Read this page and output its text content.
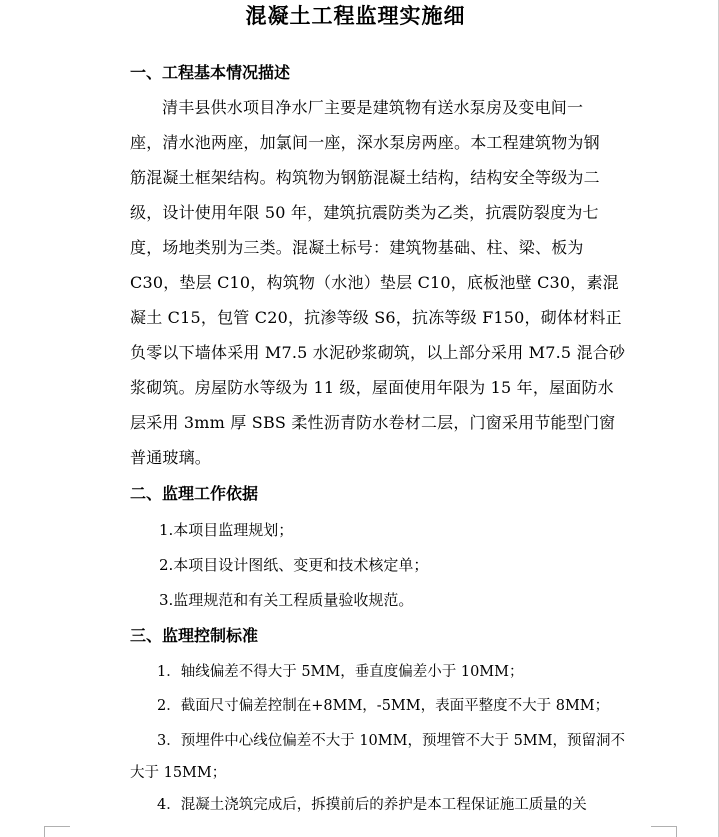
混凝土工程监理实施细
一、工程基本情况描述
清丰县供水项目净水厂主要是建筑物有送水泵房及变电间一
座，清水池两座，加氯间一座，深水泵房两座。本工程建筑物为钢
筋混凝土框架结构。构筑物为钢筋混凝土结构，结构安全等级为二
级，设计使用年限 50 年，建筑抗震防类为乙类，抗震防裂度为七
度，场地类别为三类。混凝土标号：建筑物基础、柱、梁、板为
C30，垫层 C10，构筑物（水池）垫层 C10，底板池壁 C30，素混
凝土 C15，包管 C20，抗渗等级 S6，抗冻等级 F150，砌体材料正
负零以下墙体采用 M7.5 水泥砂浆砌筑，以上部分采用 M7.5 混合砂
浆砌筑。房屋防水等级为 11 级，屋面使用年限为 15 年，屋面防水
层采用 3mm 厚 SBS 柔性沥青防水卷材二层，门窗采用节能型门窗
普通玻璃。
二、监理工作依据
1.本项目监理规划；
2.本项目设计图纸、变更和技术核定单；
3.监理规范和有关工程质量验收规范。
三、监理控制标准
1．轴线偏差不得大于 5MM，垂直度偏差小于 10MM；
2．截面尺寸偏差控制在+8MM，-5MM，表面平整度不大于 8MM；
3．预埋件中心线位偏差不大于 10MM，预埋管不大于 5MM，预留洞不
大于 15MM；
4．混凝土浇筑完成后，拆摸前后的养护是本工程保证施工质量的关
